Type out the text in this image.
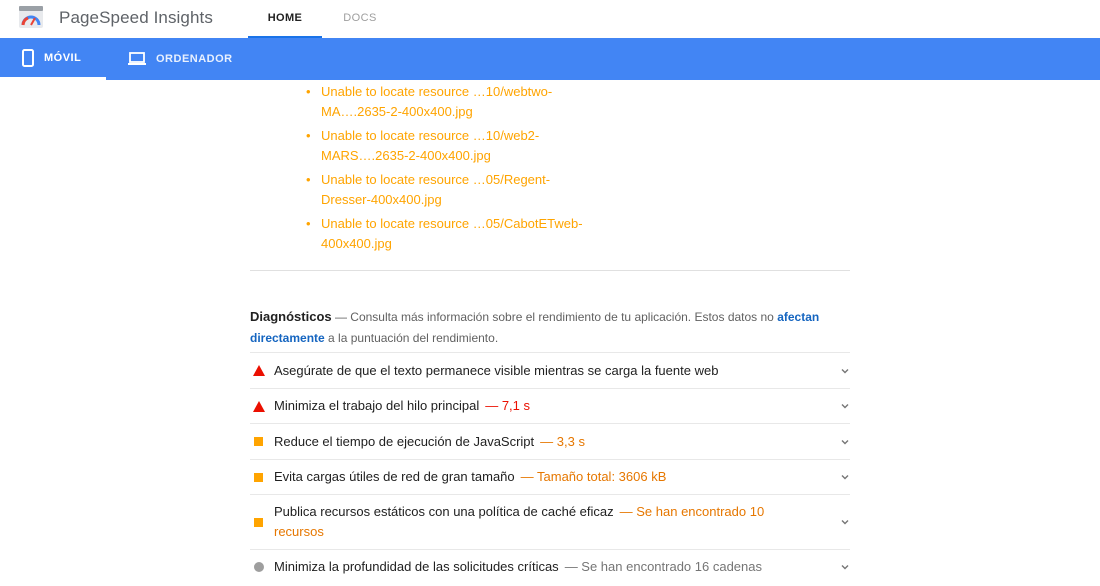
PageSpeed Insights	HOME	DOCS
MÓVIL	ORDENADOR
• Unable to locate resource …10/webtwo-MA….2635-2-400x400.jpg
• Unable to locate resource …10/web2-MARS….2635-2-400x400.jpg
• Unable to locate resource …05/Regent-Dresser-400x400.jpg
• Unable to locate resource …05/CabotETweb-400x400.jpg
Diagnósticos — Consulta más información sobre el rendimiento de tu aplicación. Estos datos no afectan directamente a la puntuación del rendimiento.
Asegúrate de que el texto permanece visible mientras se carga la fuente web
Minimiza el trabajo del hilo principal — 7,1 s
Reduce el tiempo de ejecución de JavaScript — 3,3 s
Evita cargas útiles de red de gran tamaño — Tamaño total: 3606 kB
Publica recursos estáticos con una política de caché eficaz — Se han encontrado 10 recursos
Minimiza la profundidad de las solicitudes críticas — Se han encontrado 16 cadenas
